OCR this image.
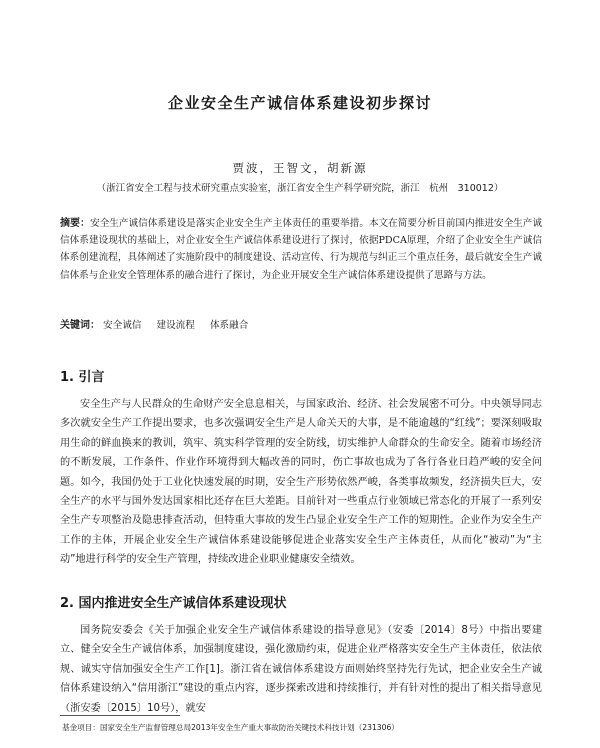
企业安全生产诚信体系建设初步探讨
贾波，王智文，胡新源
（浙江省安全工程与技术研究重点实验室，浙江省安全生产科学研究院，浙江　杭州　310012）
摘要：安全生产诚信体系建设是落实企业安全生产主体责任的重要举措。本文在简要分析目前国内推进安全生产诚信体系建设现状的基础上，对企业安全生产诚信体系建设进行了探讨，依据PDCA原理，介绍了企业安全生产诚信体系创建流程，具体阐述了实施阶段中的制度建设、活动宣传、行为规范与纠正三个重点任务，最后就安全生产诚信体系与企业安全管理体系的融合进行了探讨，为企业开展安全生产诚信体系建设提供了思路与方法。
关键词： 安全诚信 建设流程 体系融合
1. 引言
安全生产与人民群众的生命财产安全息息相关，与国家政治、经济、社会发展密不可分。中央领导同志多次就安全生产工作提出要求，也多次强调安全生产是人命关天的大事，是不能逾越的“红线”；要深刻吸取用生命的鲜血换来的教训，筑牢、筑实科学管理的安全防线，切实维护人命群众的生命安全。随着市场经济的不断发展，工作条件、作业作环境得到大幅改善的同时，伤亡事故也成为了各行各业日趋严峻的安全问题。如今，我国仍处于工业化快速发展的时期，安全生产形势依然严峻，各类事故频发，经济损失巨大，安全生产的水平与国外发达国家相比还存在巨大差距。目前针对一些重点行业领域已常态化的开展了一系列安全生产专项整治及隐患排查活动，但特重大事故的发生凸显企业安全生产工作的短期性。企业作为安全生产工作的主体，开展企业安全生产诚信体系建设能够促进企业落实安全生产主体责任，从而化“被动”为“主动”地进行科学的安全生产管理，持续改进企业职业健康安全绩效。
2. 国内推进安全生产诚信体系建设现状
国务院安委会《关于加强企业安全生产诚信体系建设的指导意见》（安委〔2014〕8号）中指出要建立、健全安全生产诚信体系，加强制度建设，强化激励约束，促进企业严格落实安全生产主体责任，依法依规、诚实守信加强安全生产工作[1]。浙江省在诚信体系建设方面则始终坚持先行先试，把企业安全生产诚信体系建设纳入“信用浙江”建设的重点内容，逐步探索改进和持续推行，并有针对性的提出了相关指导意见（浙安委〔2015〕10号），就安
基金项目：国家安全生产监督管理总局2013年安全生产重大事故防治关键技术科技计划（231306）
